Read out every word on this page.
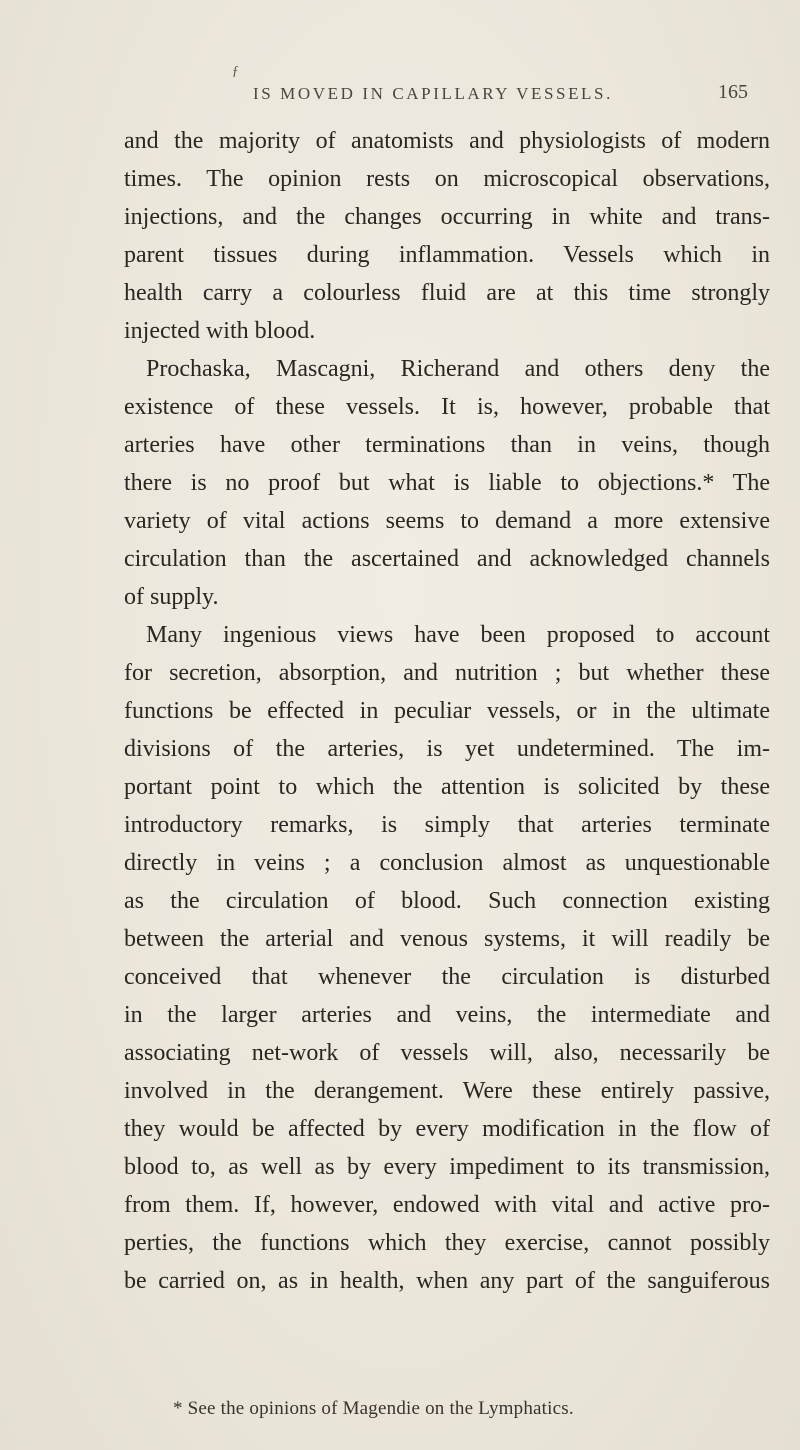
ƒ
IS MOVED IN CAPILLARY VESSELS.	165
and the majority of anatomists and physiologists of modern
times. The opinion rests on microscopical observations,
injections, and the changes occurring in white and trans-
parent tissues during inflammation. Vessels which in
health carry a colourless fluid are at this time strongly
injected with blood.
Prochaska, Mascagni, Richerand and others deny the
existence of these vessels. It is, however, probable that
arteries have other terminations than in veins, though
there is no proof but what is liable to objections.* The
variety of vital actions seems to demand a more extensive
circulation than the ascertained and acknowledged channels
of supply.
Many ingenious views have been proposed to account
for secretion, absorption, and nutrition ; but whether these
functions be effected in peculiar vessels, or in the ultimate
divisions of the arteries, is yet undetermined. The im-
portant point to which the attention is solicited by these
introductory remarks, is simply that arteries terminate
directly in veins ; a conclusion almost as unquestionable
as the circulation of blood. Such connection existing
between the arterial and venous systems, it will readily be
conceived that whenever the circulation is disturbed
in the larger arteries and veins, the intermediate and
associating net-work of vessels will, also, necessarily be
involved in the derangement. Were these entirely passive,
they would be affected by every modification in the flow of
blood to, as well as by every impediment to its transmission,
from them. If, however, endowed with vital and active pro-
perties, the functions which they exercise, cannot possibly
be carried on, as in health, when any part of the sanguiferous
* See the opinions of Magendie on the Lymphatics.
